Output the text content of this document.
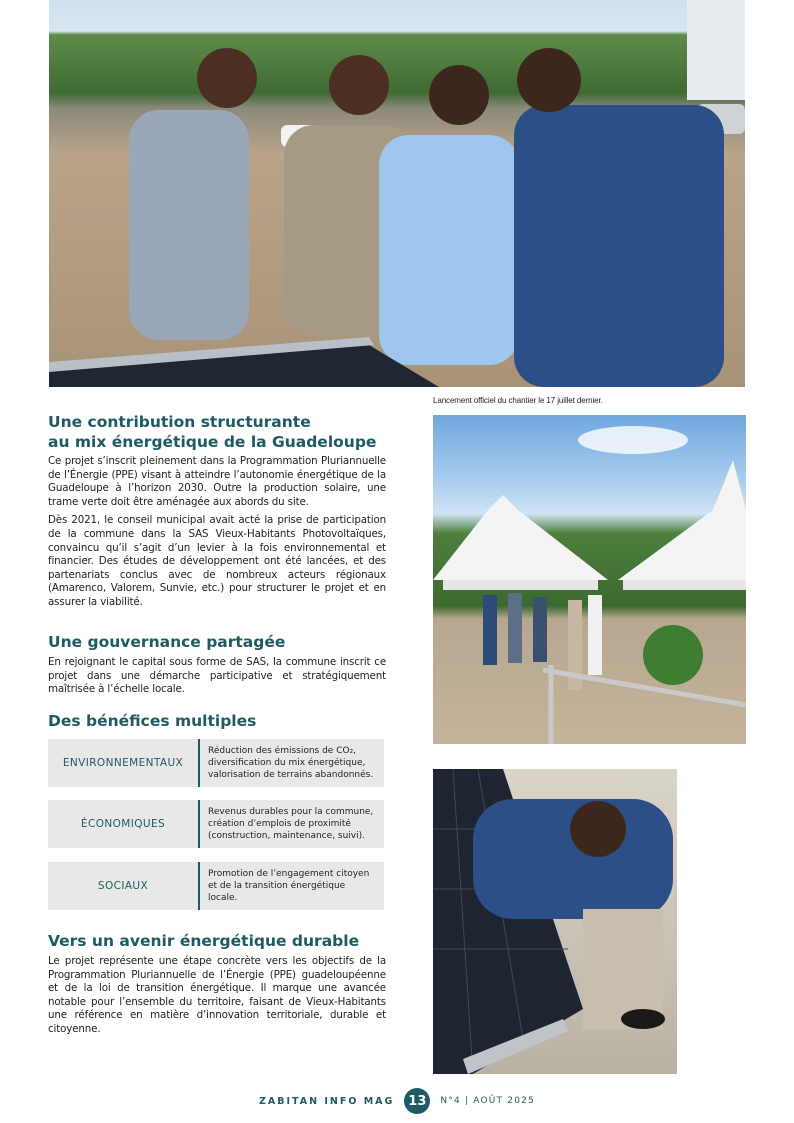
Lancement officiel du chantier le 17 juillet dernier.
Une contribution structurante
au mix énergétique de la Guadeloupe

Ce projet s’inscrit pleinement dans la Programmation Pluriannuelle de l’Énergie (PPE) visant à atteindre l’autonomie énergétique de la Guadeloupe à l’horizon 2030. Outre la production solaire, une trame verte doit être aménagée aux abords du site.

Dès 2021, le conseil municipal avait acté la prise de participation de la commune dans la SAS Vieux-Habitants Photovoltaïques, convaincu qu’il s’agit d’un levier à la fois environnemental et financier. Des études de développement ont été lancées, et des partenariats conclus avec de nombreux acteurs régionaux (Amarenco, Valorem, Sunvie, etc.) pour structurer le projet et en assurer la viabilité.

Une gouvernance partagée

En rejoignant le capital sous forme de SAS, la commune inscrit ce projet dans une démarche participative et stratégiquement maîtrisée à l’échelle locale.

Des bénéfices multiples
ENVIRONNEMENTAUX
Réduction des émissions de CO₂, diversification du mix énergétique, valorisation de terrains abandonnés.
ÉCONOMIQUES
Revenus durables pour la commune, création d’emplois de proximité (construction, maintenance, suivi).
SOCIAUX
Promotion de l’engagement citoyen et de la transition énergétique locale.
Vers un avenir énergétique durable

Le projet représente une étape concrète vers les objectifs de la Programmation Pluriannuelle de l’Énergie (PPE) guadeloupéenne et de la loi de transition énergétique. Il marque une avancée notable pour l’ensemble du territoire, faisant de Vieux-Habitants une référence en matière d’innovation territoriale, durable et citoyenne.

ZABITAN INFO MAG	13	N°4 | AOÛT 2025
